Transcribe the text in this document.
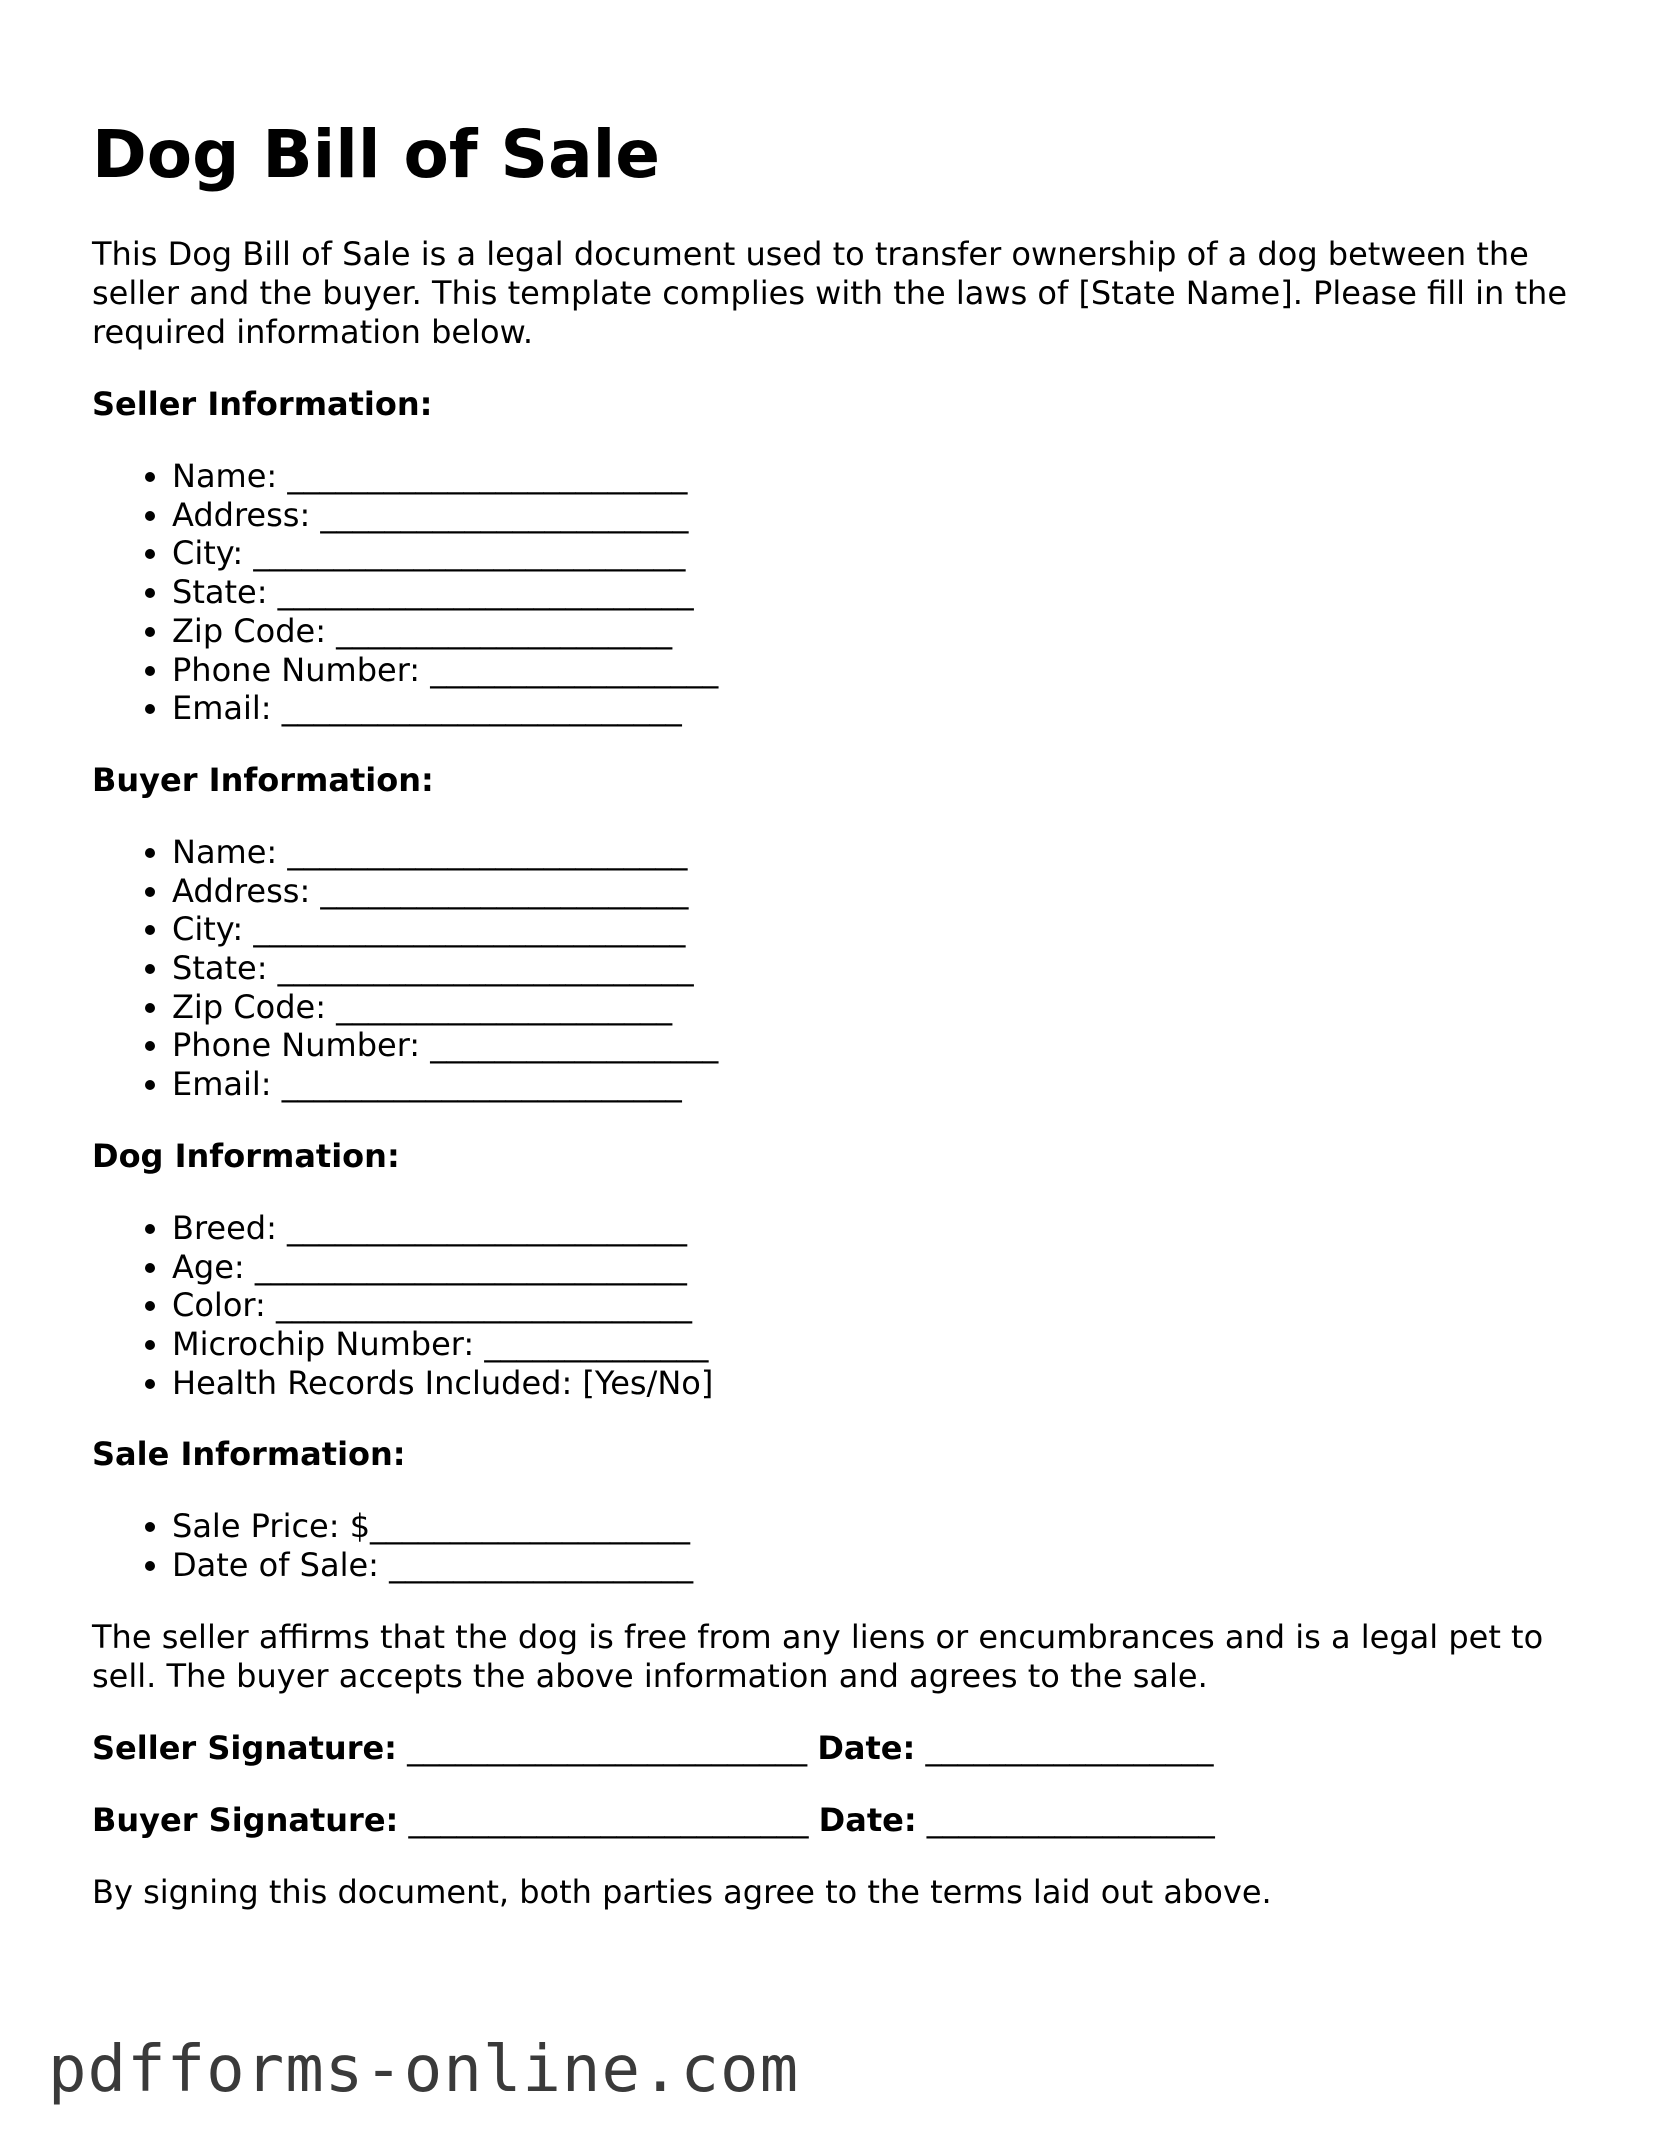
Dog Bill of Sale

This Dog Bill of Sale is a legal document used to transfer ownership of a dog between the seller and the buyer. This template complies with the laws of [State Name]. Please fill in the required information below.

Seller Information:
• Name: _________________________
• Address: _______________________
• City: ___________________________
• State: __________________________
• Zip Code: _____________________
• Phone Number: __________________
• Email: _________________________
Buyer Information:
• Name: _________________________
• Address: _______________________
• City: ___________________________
• State: __________________________
• Zip Code: _____________________
• Phone Number: __________________
• Email: _________________________
Dog Information:
• Breed: _________________________
• Age: ___________________________
• Color: __________________________
• Microchip Number: ______________
• Health Records Included: [Yes/No]
Sale Information:
• Sale Price: $____________________
• Date of Sale: ___________________

The seller affirms that the dog is free from any liens or encumbrances and is a legal pet to sell. The buyer accepts the above information and agrees to the sale.

Seller Signature: _________________________ Date: __________________
Buyer Signature: _________________________ Date: __________________

By signing this document, both parties agree to the terms laid out above.

pdfforms-online.com
